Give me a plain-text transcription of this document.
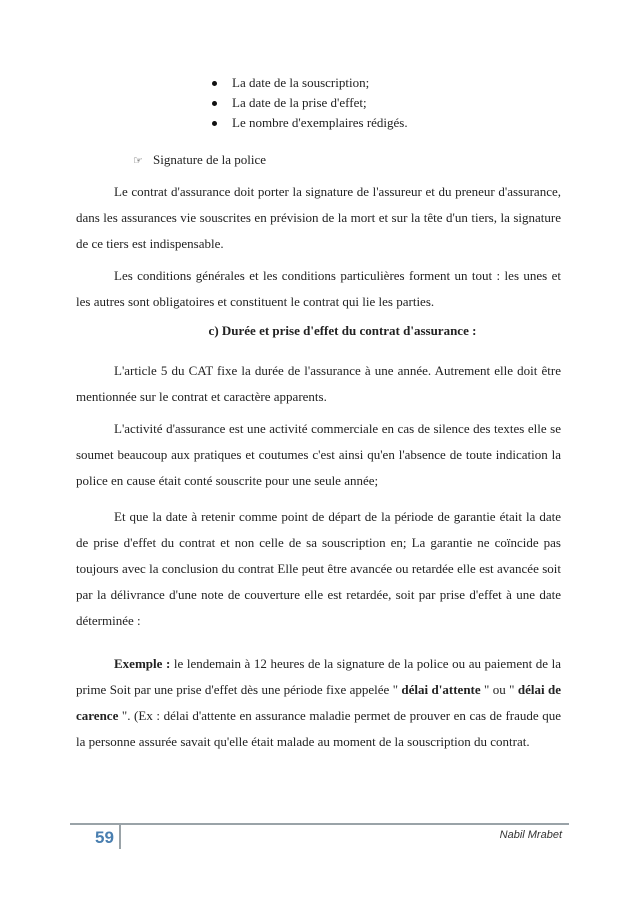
La date de la souscription;
La date de la prise d'effet;
Le nombre d'exemplaires rédigés.
☞ Signature de la police

Le contrat d'assurance doit porter la signature de l'assureur et du preneur d'assurance, dans les assurances vie souscrites en prévision de la mort et sur la tête d'un tiers, la signature de ce tiers est indispensable.

Les conditions générales et les conditions particulières forment un tout : les unes et les autres sont obligatoires et constituent le contrat qui lie les parties.

c) Durée et prise d'effet du contrat d'assurance :

L'article 5 du CAT fixe la durée de l'assurance à une année. Autrement elle doit être mentionnée sur le contrat et caractère apparents.

L'activité d'assurance est une activité commerciale en cas de silence des textes elle se soumet beaucoup aux pratiques et coutumes c'est ainsi qu'en l'absence de toute indication la police en cause était conté souscrite pour une seule année;

Et que la date à retenir comme point de départ de la période de garantie était la date de prise d'effet du contrat et non celle de sa souscription en; La garantie ne coïncide pas toujours avec la conclusion du contrat Elle peut être avancée ou retardée elle est avancée soit par la délivrance d'une note de couverture elle est retardée, soit par prise d'effet à une date déterminée :

Exemple : le lendemain à 12 heures de la signature de la police ou au paiement de la prime Soit par une prise d'effet dès une période fixe appelée " délai d'attente " ou " délai de carence ". (Ex : délai d'attente en assurance maladie permet de prouver en cas de fraude que la personne assurée savait qu'elle était malade au moment de la souscription du contrat.

59	Nabil Mrabet
